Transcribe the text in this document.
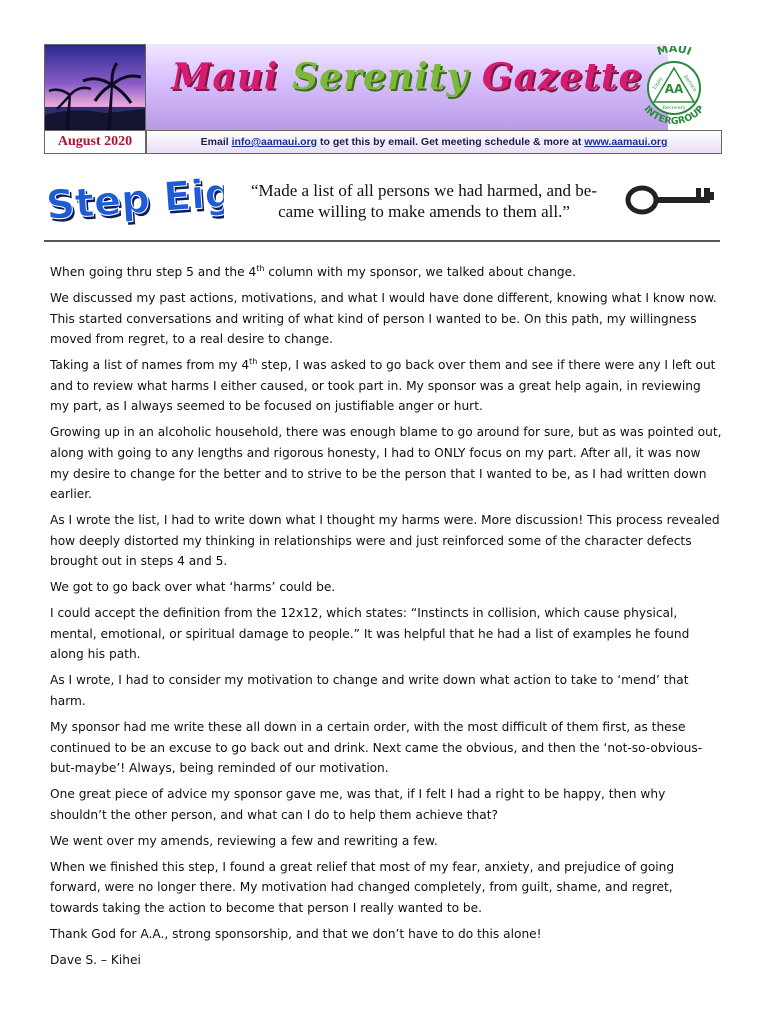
Maui Serenity Gazette
MAUI
INTERGROUP
AA
Unity	Service
Recovery
August 2020	Email info@aamaui.org to get this by email. Get meeting schedule & more at www.aamaui.org
Step Eight
Step Eight
“Made a list of all persons we had harmed, and be-
came willing to make amends to them all.”

When going thru step 5 and the 4th column with my sponsor, we talked about change.

We discussed my past actions, motivations, and what I would have done different, knowing what I know now. This started conversations and writing of what kind of person I wanted to be. On this path, my willingness moved from regret, to a real desire to change.

Taking a list of names from my 4th step, I was asked to go back over them and see if there were any I left out and to review what harms I either caused, or took part in. My sponsor was a great help again, in reviewing my part, as I always seemed to be focused on justifiable anger or hurt.

Growing up in an alcoholic household, there was enough blame to go around for sure, but as was pointed out, along with going to any lengths and rigorous honesty, I had to ONLY focus on my part. After all, it was now my desire to change for the better and to strive to be the person that I wanted to be, as I had written down earlier.

As I wrote the list, I had to write down what I thought my harms were. More discussion! This process revealed how deeply distorted my thinking in relationships were and just reinforced some of the character defects brought out in steps 4 and 5.

We got to go back over what ‘harms’ could be.

I could accept the definition from the 12x12, which states: “Instincts in collision, which cause physical, mental, emotional, or spiritual damage to people.” It was helpful that he had a list of examples he found along his path.

As I wrote, I had to consider my motivation to change and write down what action to take to ‘mend’ that harm.

My sponsor had me write these all down in a certain order, with the most difficult of them first, as these continued to be an excuse to go back out and drink. Next came the obvious, and then the ‘not-so-obvious-but-maybe’! Always, being reminded of our motivation.

One great piece of advice my sponsor gave me, was that, if I felt I had a right to be happy, then why shouldn’t the other person, and what can I do to help them achieve that?

We went over my amends, reviewing a few and rewriting a few.

When we finished this step, I found a great relief that most of my fear, anxiety, and prejudice of going forward, were no longer there. My motivation had changed completely, from guilt, shame, and regret, towards taking the action to become that person I really wanted to be.

Thank God for A.A., strong sponsorship, and that we don’t have to do this alone!

Dave S. – Kihei
